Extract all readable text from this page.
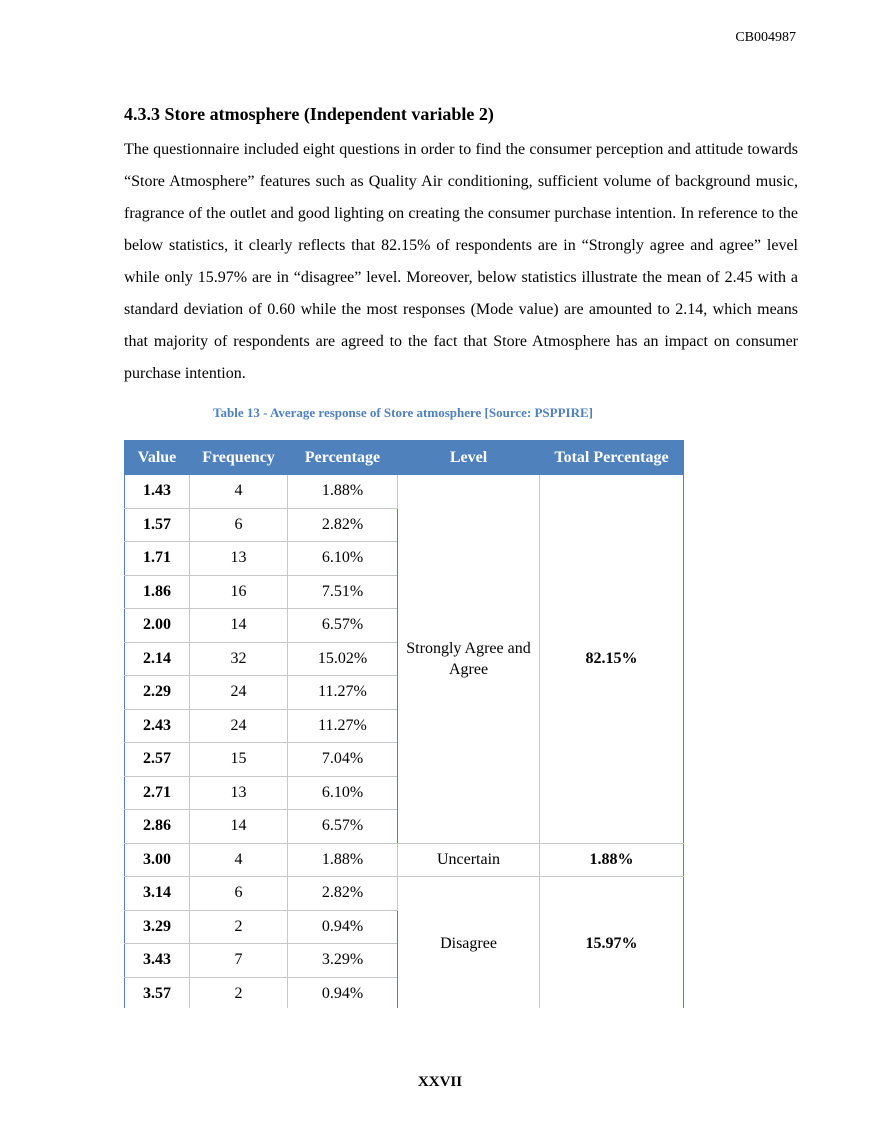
CB004987
4.3.3 Store atmosphere (Independent variable 2)

The questionnaire included eight questions in order to find the consumer perception and attitude towards “Store Atmosphere” features such as Quality Air conditioning, sufficient volume of background music, fragrance of the outlet and good lighting on creating the consumer purchase intention. In reference to the below statistics, it clearly reflects that 82.15% of respondents are in “Strongly agree and agree” level while only 15.97% are in “disagree” level. Moreover, below statistics illustrate the mean of 2.45 with a standard deviation of 0.60 while the most responses (Mode value) are amounted to 2.14, which means that majority of respondents are agreed to the fact that Store Atmosphere has an impact on consumer purchase intention.

Table 13 - Average response of Store atmosphere [Source: PSPPIRE]
Value	Frequency	Percentage	Level	Total Percentage
1.43	4	1.88%	Strongly Agree and Agree	82.15%
1.57	6	2.82%		
1.71	13	6.10%		
1.86	16	7.51%		
2.00	14	6.57%		
2.14	32	15.02%		
2.29	24	11.27%		
2.43	24	11.27%		
2.57	15	7.04%		
2.71	13	6.10%		
2.86	14	6.57%		
3.00	4	1.88%	Uncertain	1.88%
3.14	6	2.82%	Disagree	15.97%
3.29	2	0.94%		
3.43	7	3.29%		
3.57	2	0.94%		
XXVII
